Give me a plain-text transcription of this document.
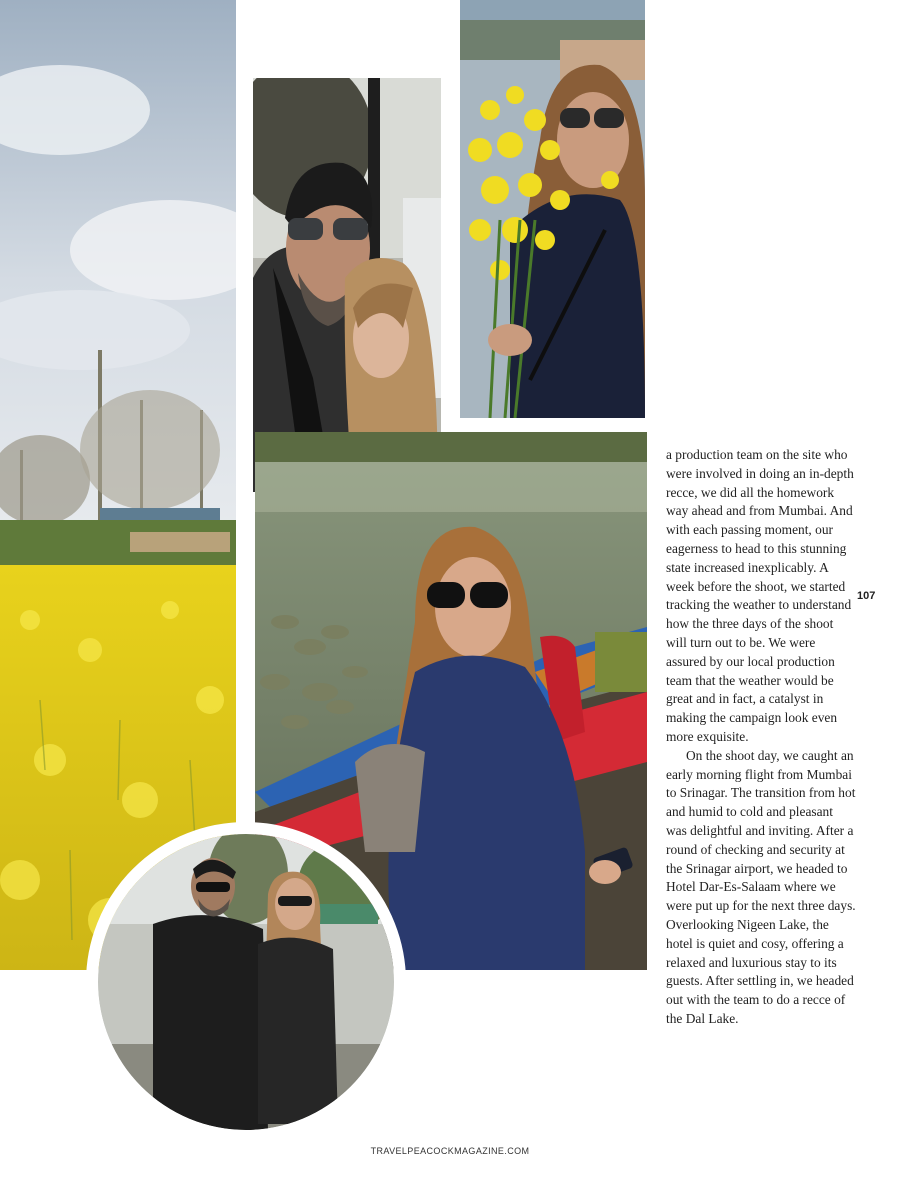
a production team on the site who were involved in doing an in-depth recce, we did all the homework way ahead and from Mumbai. And with each passing moment, our eagerness to head to this stunning state increased inexplicably. A week before the shoot, we started tracking the weather to understand how the three days of the shoot will turn out to be. We were assured by our local production team that the weather would be great and in fact, a catalyst in making the campaign look even more exquisite.

On the shoot day, we caught an early morning flight from Mumbai to Srinagar. The transition from hot and humid to cold and pleasant was delightful and inviting. After a round of checking and security at the Srinagar airport, we headed to Hotel Dar-Es-Salaam where we were put up for the next three days. Overlooking Nigeen Lake, the hotel is quiet and cosy, offering a relaxed and luxurious stay to its guests. After settling in, we headed out with the team to do a recce of the Dal Lake.

107
TRAVELPEACOCKMAGAZINE.COM
